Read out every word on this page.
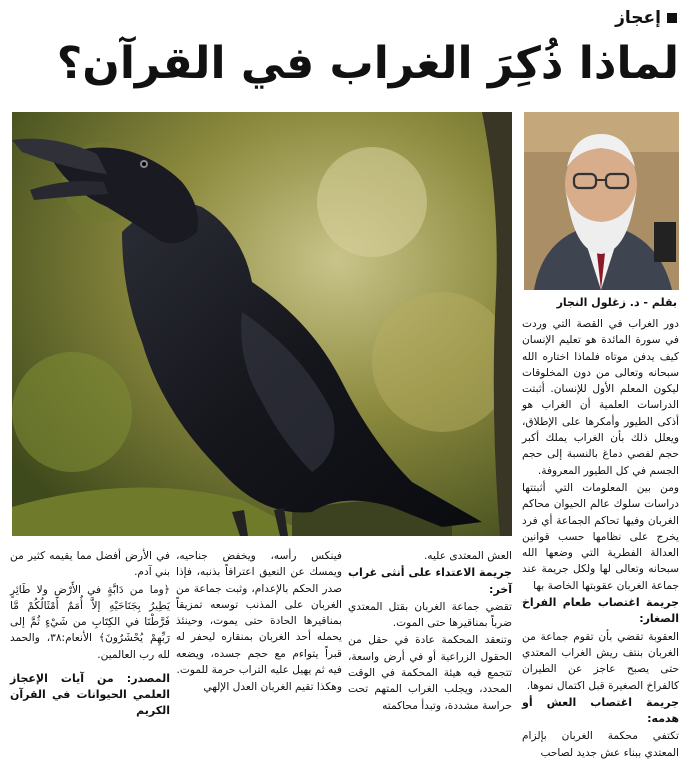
إعجاز
لماذا ذُكِرَ الغراب في القرآن؟
بقلم - د. زغلول النجار

دور الغراب في القصة التي وردت في سورة المائدة هو تعليم الإنسان كيف يدفن موتاه فلماذا اختاره الله سبحانه وتعالى من دون المخلوقات ليكون المعلم الأول للإنسان. أثبتت الدراسات العلمية أن الغراب هو أذكى الطيور وأمكرها على الإطلاق، ويعلل ذلك بأن الغراب يملك أكبر حجم لفصي دماغ بالنسبة إلى حجم الجسم في كل الطيور المعروفة.

ومن بين المعلومات التي أثبتتها دراسات سلوك عالم الحيوان محاكم الغربان وفيها تحاكم الجماعة أي فرد يخرج على نظامها حسب قوانين العدالة الفطرية التي وضعها الله سبحانه وتعالى لها ولكل جريمة عند جماعة الغربان عقوبتها الخاصة بها

جريمة اغتصاب طعام الفراخ الصغار:

العقوبة تقضي بأن تقوم جماعة من الغربان بنتف ريش الغراب المعتدي حتى يصبح عاجز عن الطيران كالفراخ الصغيرة قبل اكتمال نموها.

جريمة اغتصاب العش أو هدمه:

تكتفي محكمة الغربان بإلزام المعتدي ببناء عش جديد لصاحب

العش المعتدى عليه.

جريمة الاعتداء على أنثى غراب آخر:

تقضي جماعة الغربان بقتل المعتدي ضرباً بمناقيرها حتى الموت.

وتنعقد المحكمة عادة في حقل من الحقول الزراعية أو في أرض واسعة، تتجمع فيه هيئة المحكمة في الوقت المحدد، ويجلب الغراب المتهم تحت حراسة مشددة، وتبدأ محاكمته

فينكس رأسه، ويخفض جناحيه، ويمسك عن النعيق اعترافاً بذنبه، فإذا صدر الحكم بالإعدام، وثبت جماعة من الغربان على المذنب توسعه تمزيقاً بمناقيرها الحادة حتى يموت، وحينئذ يحمله أحد الغربان بمنقاره ليحفر له قبراً يتواءم مع حجم جسده، ويضعه فيه ثم يهيل عليه التراب حرمة للموت.

وهكذا تقيم الغربان العدل الإلهي

في الأرض أفضل مما يقيمه كثير من بني آدم.

﴿وما من دَابَّةٍ في الأَرْضِ ولا طَائِرٍ يَطِيرُ بِجَنَاحَيْهِ إلاَّ أُمَمٌ أَمْثَالُكُمْ مَّا فَرَّطْنَا في الكِتَابِ من شَيْءٍ ثُمَّ إلى رَبِّهِمْ يُحْشَرُونَ﴾ الأنعام:٣٨، والحمد لله رب العالمين.

المصدر: من آيات الإعجاز العلمي الحيوانات في القرآن الكريم
